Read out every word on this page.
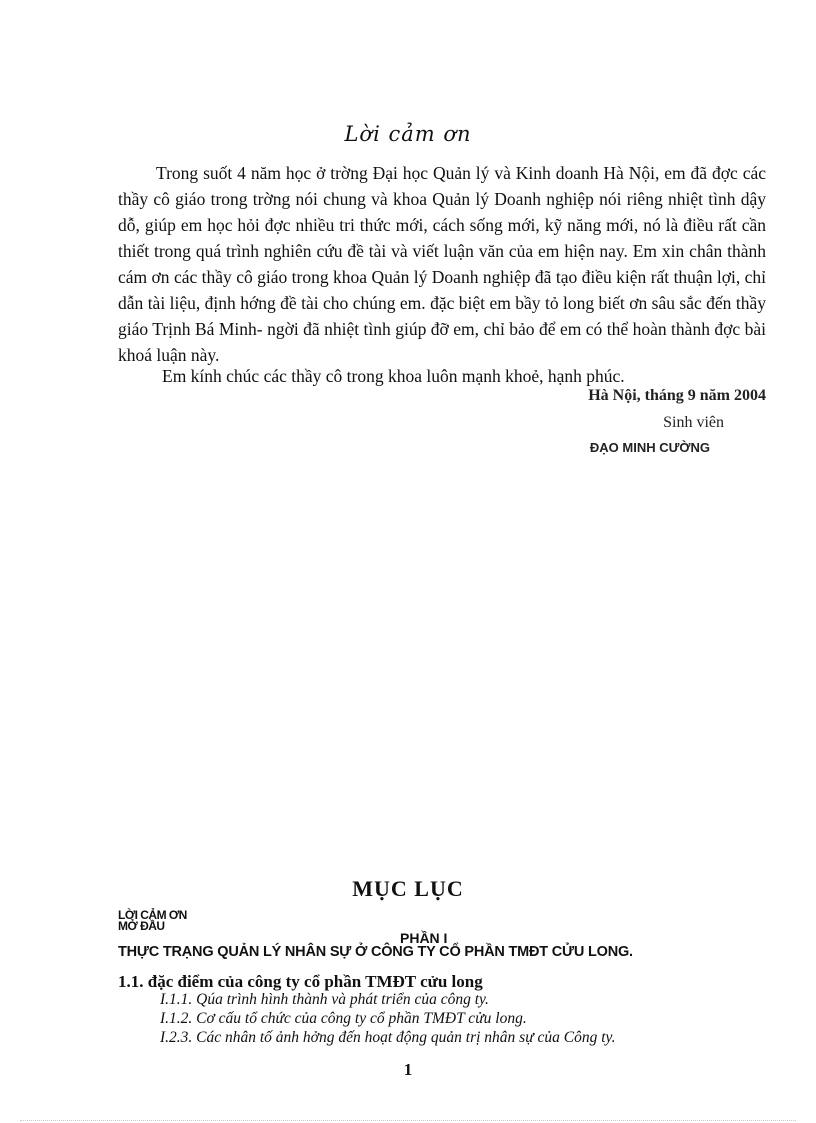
Lời cảm ơn
Trong suốt 4 năm học ở trờng Đại học Quản lý và Kinh doanh Hà Nội, em đã đợc các thầy cô giáo trong trờng nói chung và khoa Quản lý Doanh nghiệp nói riêng nhiệt tình dậy dỗ, giúp em học hỏi đợc nhiều tri thức mới, cách sống mới, kỹ năng mới, nó là điều rất cần thiết trong quá trình nghiên cứu đề tài và viết luận văn của em hiện nay. Em xin chân thành cám ơn các thầy cô giáo trong khoa Quản lý Doanh nghiệp đã tạo điều kiện rất thuận lợi, chỉ dẫn tài liệu, định hớng đề tài cho chúng em. đặc biệt em bầy tỏ long biết ơn sâu sắc đến thầy giáo Trịnh Bá Minh- ngời đã nhiệt tình giúp đỡ em, chỉ bảo để em có thể hoàn thành đợc bài khoá luận này.
Em kính chúc các thầy cô trong khoa luôn mạnh khoẻ, hạnh phúc.
Hà Nội, tháng 9 năm 2004
Sinh viên
ĐẠO MINH CƯỜNG
MỤC LỤC
LỜI CẢM ƠN
MỞ ĐẦU
PHẦN I
THỰC TRẠNG QUẢN LÝ NHÂN SỰ Ở CÔNG TY CỔ PHẦN TMĐT CỬU LONG.
1.1. đặc điểm của công ty cổ phần TMĐT cửu long
I.1.1. Qúa trình hình thành và phát triển của công ty.
I.1.2. Cơ cấu tổ chức của công ty cổ phần TMĐT cửu long.
I.2.3. Các nhân tố ảnh hởng đến hoạt động quản trị nhân sự của Công ty.
1
